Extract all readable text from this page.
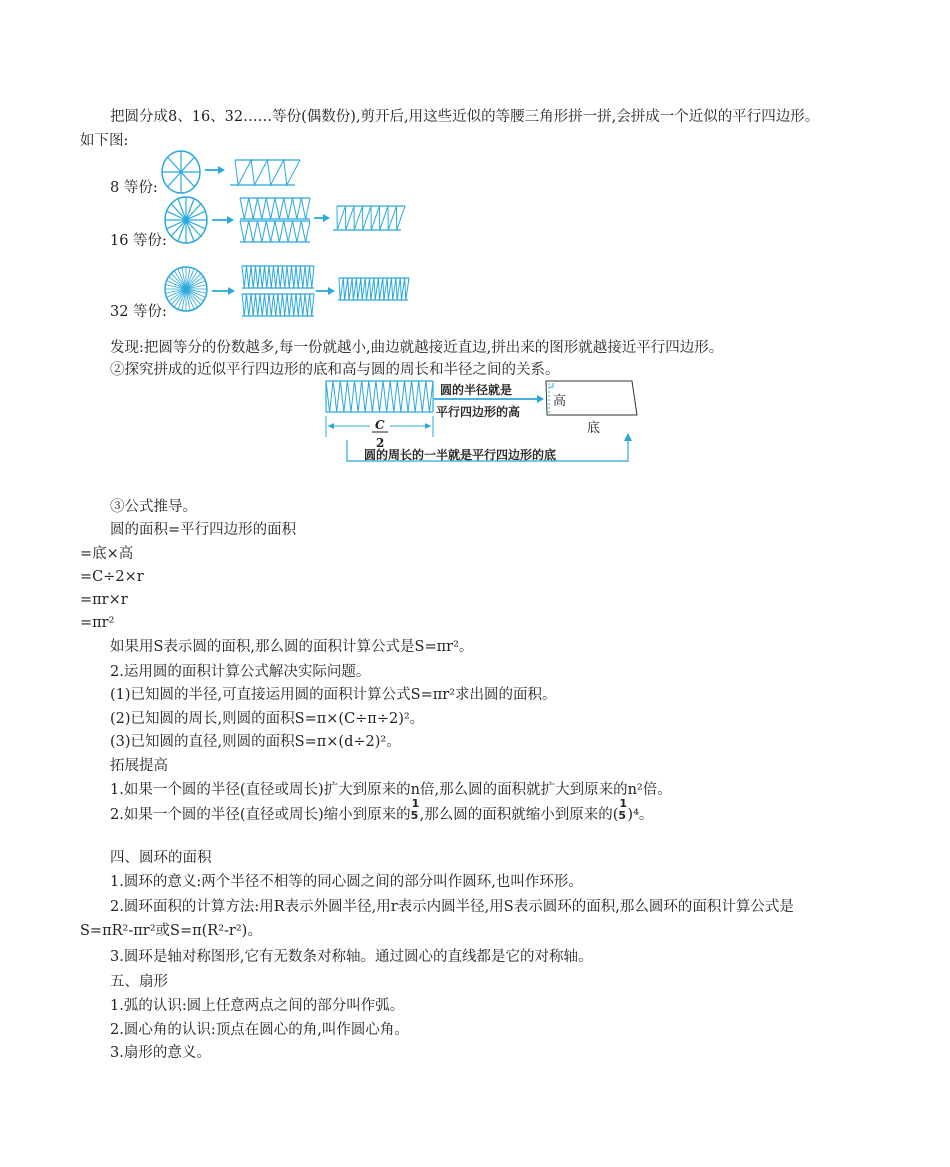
把圆分成8、16、32……等份(偶数份),剪开后,用这些近似的等腰三角形拼一拼,会拼成一个近似的平行四边形。
如下图:
8 等份:
16 等份:
32 等份:
发现:把圆等分的份数越多,每一份就越小,曲边就越接近直边,拼出来的图形就越接近平行四边形。
②探究拼成的近似平行四边形的底和高与圆的周长和半径之间的关系。
圆的半径就是
平行四边形的高
高
底
C
2
圆的周长的一半就是平行四边形的底
③公式推导。
圆的面积=平行四边形的面积
=底×高
=C÷2×r
=πr×r
=πr²
如果用S表示圆的面积,那么圆的面积计算公式是S=πr²。
2.运用圆的面积计算公式解决实际问题。
(1)已知圆的半径,可直接运用圆的面积计算公式S=πr²求出圆的面积。
(2)已知圆的周长,则圆的面积S=π×(C÷π÷2)²。
(3)已知圆的直径,则圆的面积S=π×(d÷2)²。
拓展提高
1.如果一个圆的半径(直径或周长)扩大到原来的n倍,那么圆的面积就扩大到原来的n²倍。
2.如果一个圆的半径(直径或周长)缩小到原来的
1
5,那么圆的面积就缩小到原来的(
1
5)⁴。
四、圆环的面积
1.圆环的意义:两个半径不相等的同心圆之间的部分叫作圆环,也叫作环形。
2.圆环面积的计算方法:用R表示外圆半径,用r表示内圆半径,用S表示圆环的面积,那么圆环的面积计算公式是
S=πR²-πr²或S=π(R²-r²)。
3.圆环是轴对称图形,它有无数条对称轴。通过圆心的直线都是它的对称轴。
五、扇形
1.弧的认识:圆上任意两点之间的部分叫作弧。
2.圆心角的认识:顶点在圆心的角,叫作圆心角。
3.扇形的意义。
